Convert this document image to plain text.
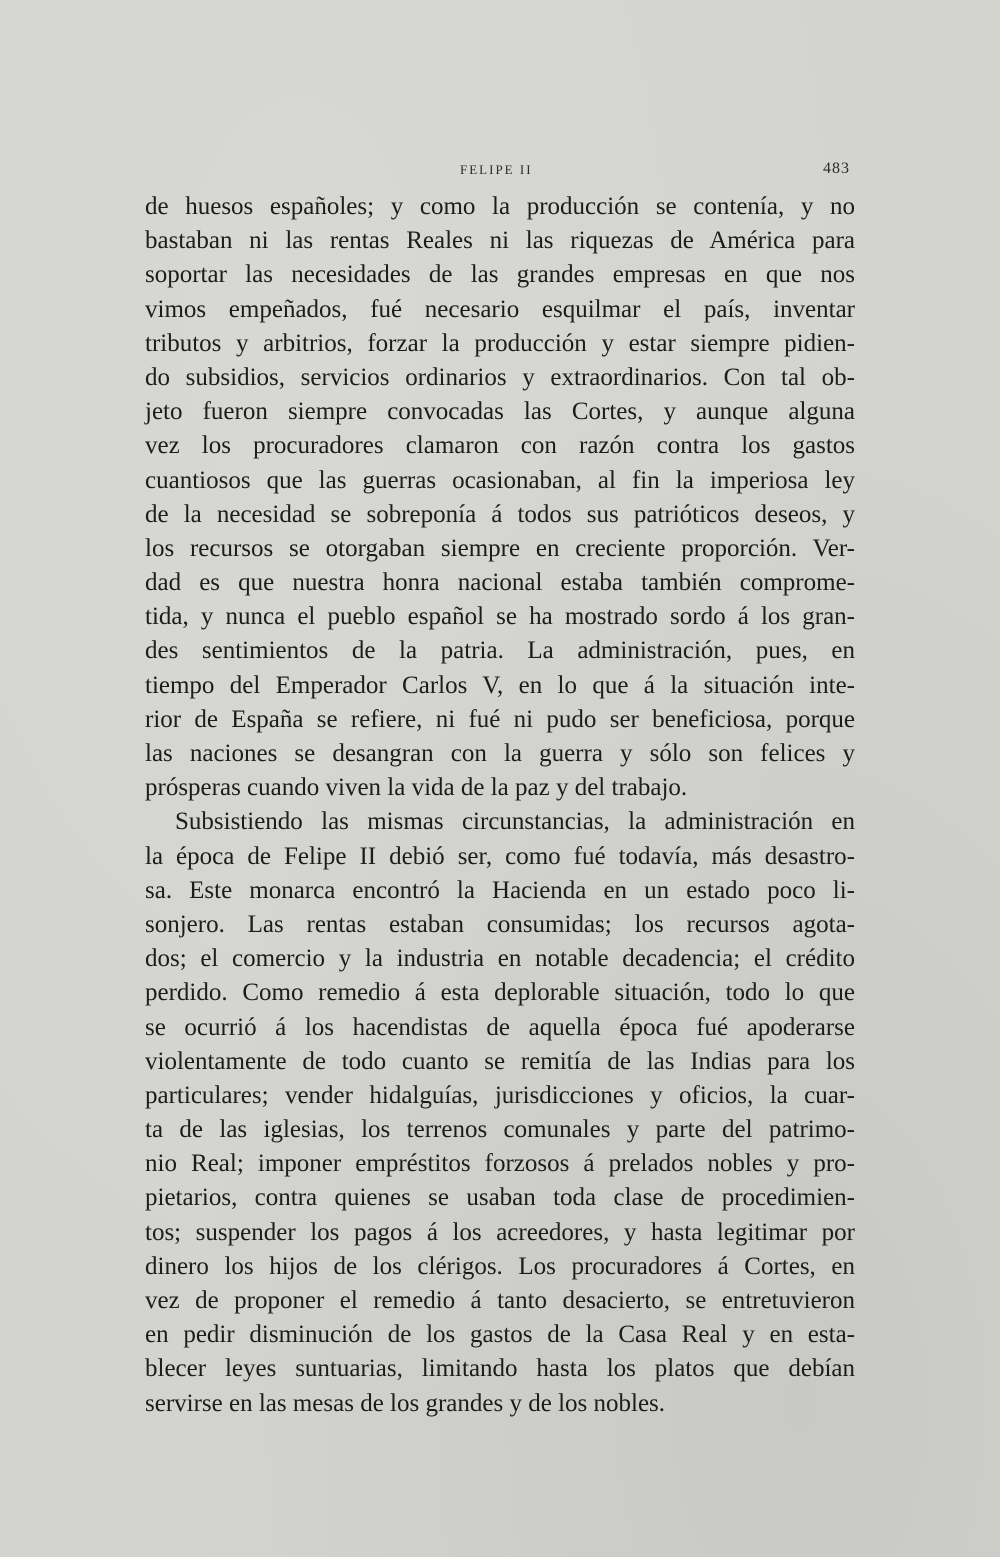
FELIPE II	483
de huesos españoles; y como la producción se contenía, y no
bastaban ni las rentas Reales ni las riquezas de América para
soportar las necesidades de las grandes empresas en que nos
vimos empeñados, fué necesario esquilmar el país, inventar
tributos y arbitrios, forzar la producción y estar siempre pidien-
do subsidios, servicios ordinarios y extraordinarios. Con tal ob-
jeto fueron siempre convocadas las Cortes, y aunque alguna
vez los procuradores clamaron con razón contra los gastos
cuantiosos que las guerras ocasionaban, al fin la imperiosa ley
de la necesidad se sobreponía á todos sus patrióticos deseos, y
los recursos se otorgaban siempre en creciente proporción. Ver-
dad es que nuestra honra nacional estaba también comprome-
tida, y nunca el pueblo español se ha mostrado sordo á los gran-
des sentimientos de la patria. La administración, pues, en
tiempo del Emperador Carlos V, en lo que á la situación inte-
rior de España se refiere, ni fué ni pudo ser beneficiosa, porque
las naciones se desangran con la guerra y sólo son felices y
prósperas cuando viven la vida de la paz y del trabajo.
Subsistiendo las mismas circunstancias, la administración en
la época de Felipe II debió ser, como fué todavía, más desastro-
sa. Este monarca encontró la Hacienda en un estado poco li-
sonjero. Las rentas estaban consumidas; los recursos agota-
dos; el comercio y la industria en notable decadencia; el crédito
perdido. Como remedio á esta deplorable situación, todo lo que
se ocurrió á los hacendistas de aquella época fué apoderarse
violentamente de todo cuanto se remitía de las Indias para los
particulares; vender hidalguías, jurisdicciones y oficios, la cuar-
ta de las iglesias, los terrenos comunales y parte del patrimo-
nio Real; imponer empréstitos forzosos á prelados nobles y pro-
pietarios, contra quienes se usaban toda clase de procedimien-
tos; suspender los pagos á los acreedores, y hasta legitimar por
dinero los hijos de los clérigos. Los procuradores á Cortes, en
vez de proponer el remedio á tanto desacierto, se entretuvieron
en pedir disminución de los gastos de la Casa Real y en esta-
blecer leyes suntuarias, limitando hasta los platos que debían
servirse en las mesas de los grandes y de los nobles.
